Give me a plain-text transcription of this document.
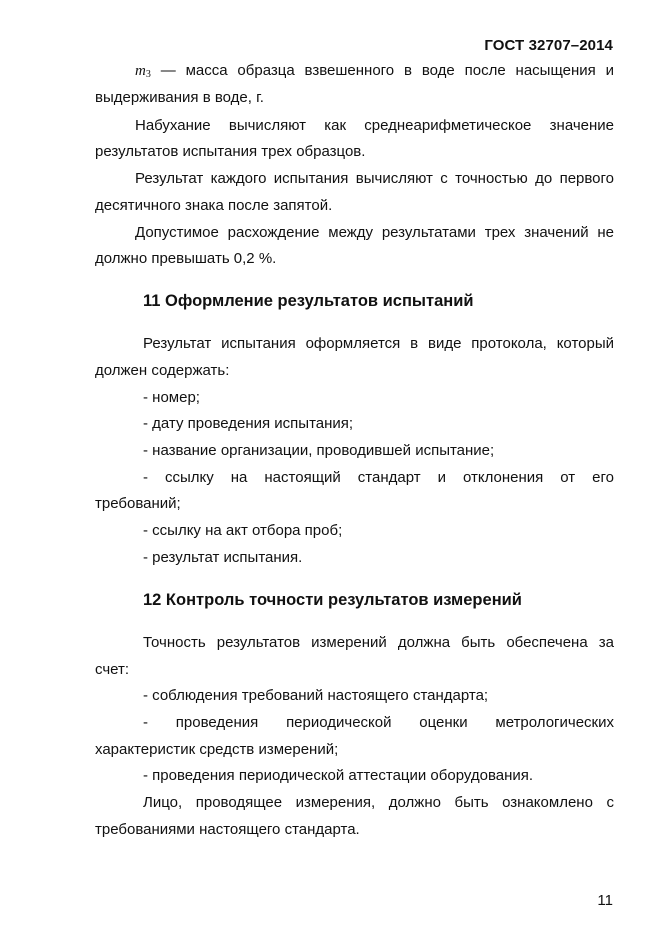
ГОСТ 32707–2014
$m_3$ — масса образца взвешенного в воде после насыщения и
выдерживания в воде, г.
Набухание вычисляют как среднеарифметическое значение
результатов испытания трех образцов.
Результат каждого испытания вычисляют с точностью до первого
десятичного знака после запятой.
Допустимое расхождение между результатами трех значений не
должно превышать 0,2 %.
11 Оформление результатов испытаний
Результат испытания оформляется в виде протокола, который
должен содержать:
- номер;
- дату проведения испытания;
- название организации, проводившей испытание;
- ссылку на настоящий стандарт и отклонения от его
требований;
- ссылку на акт отбора проб;
- результат испытания.
12 Контроль точности результатов измерений
Точность результатов измерений должна быть обеспечена за
счет:
- соблюдения требований настоящего стандарта;
- проведения периодической оценки метрологических
характеристик средств измерений;
- проведения периодической аттестации оборудования.
Лицо, проводящее измерения, должно быть ознакомлено с
требованиями настоящего стандарта.
11
